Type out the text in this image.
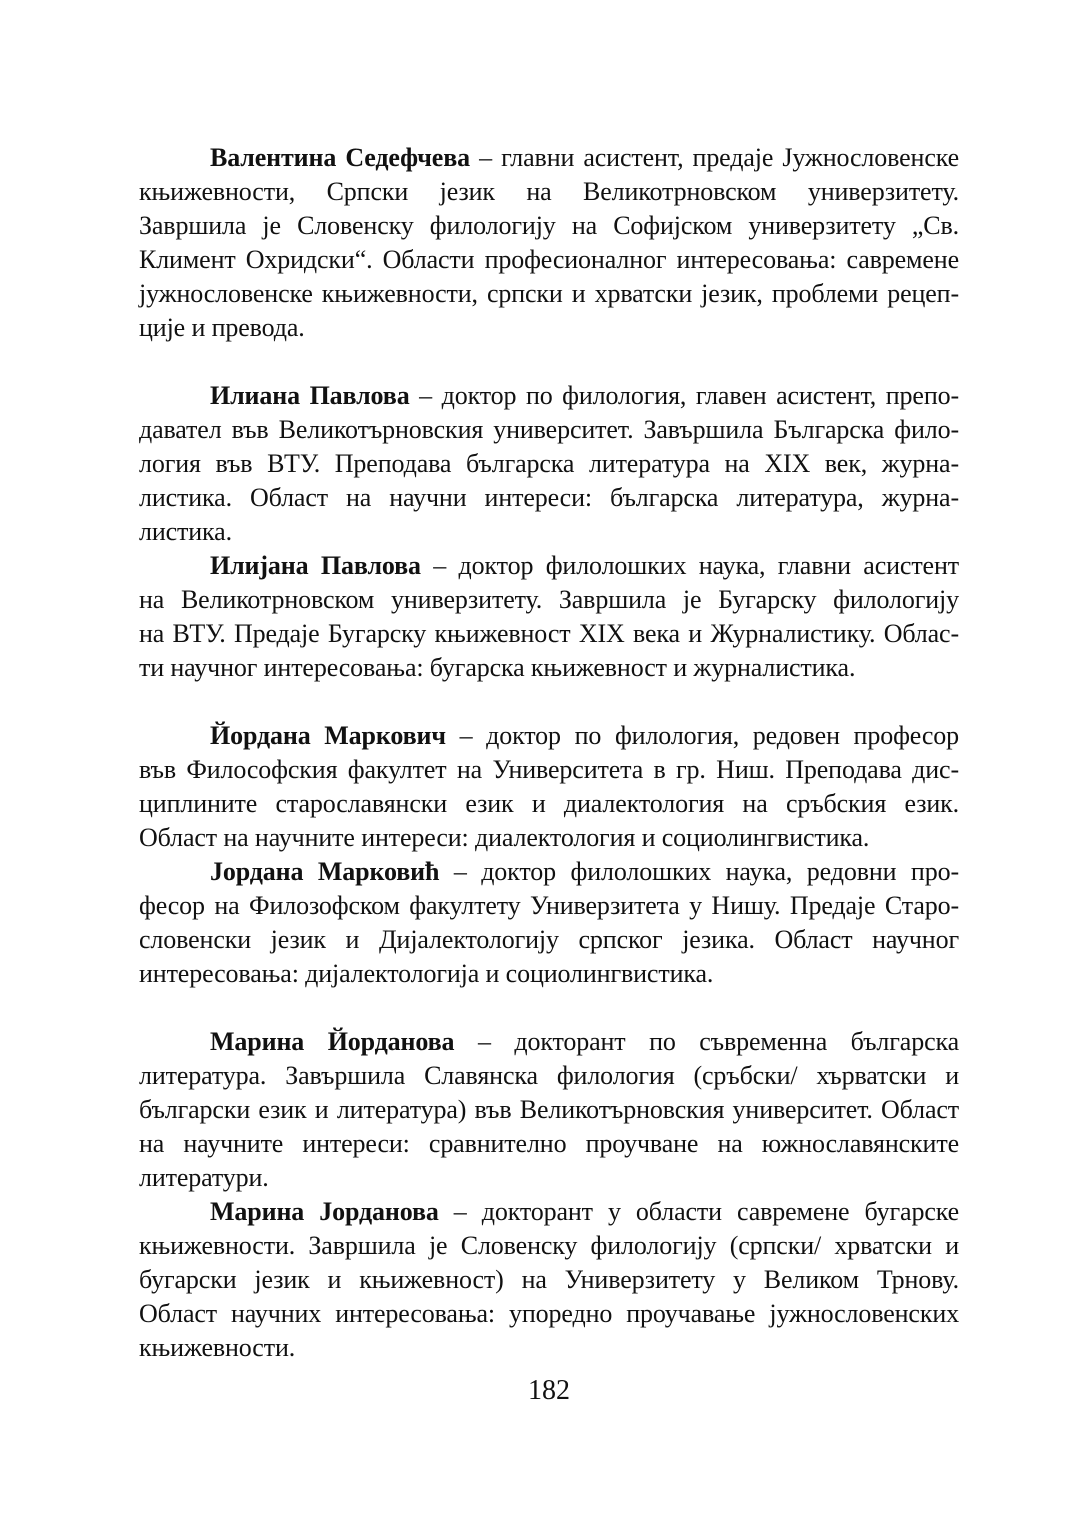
Валентина Седефчева – главни асистент, предаје Јужнословенске
књижевности, Српски језик на Великотрновском универзитету.
Завршила је Словенску филологију на Софијском универзитету „Св.
Климент Охридски“. Области професионалног интересовања: савремене
јужнословенске књижевности, српски и хрватски језик, проблеми рецеп-
ције и превода.
Илиана Павлова – доктор по филология, главен асистент, препо-
давател във Великотърновския университет. Завършила Българска фило-
логия във ВТУ. Преподава българска литература на XIX век, журна-
листика. Област на научни интереси: българска литература, журна-
листика.
Илијана Павлова – доктор филолошких наука, главни асистент
на Великотрновском универзитету. Завршила је Бугарску филологију
на ВТУ. Предаје Бугарску књижевност XIX века и Журналистику. Облас-
ти научног интересовања: бугарска књижевност и журналистика.
Йордана Маркович – доктор по филология, редовен професор
във Философския факултет на Университета в гр. Ниш. Преподава дис-
циплините старославянски език и диалектология на сръбския език.
Област на научните интереси: диалектология и социолингвистика.
Јордана Марковић – доктор филолошких наука, редовни про-
фесор на Филозофском факултету Универзитета у Нишу. Предаје Старо-
словенски језик и Дијалектологију српског језика. Област научног
интересовања: дијалектологија и социолингвистика.
Марина Йорданова – докторант по съвременна българска
литература. Завършила Славянска филология (сръбски/ хърватски и
български език и литература) във Великотърновския университет. Област
на научните интереси: сравнително проучване на южнославянските
литератури.
Марина Јорданова – докторант у области савремене бугарске
књижевности. Завршила је Словенску филологију (српски/ хрватски и
бугарски језик и књижевност) на Универзитету у Великом Трнову.
Област научних интересовања: упоредно проучавање јужнословенских
књижевности.
182
